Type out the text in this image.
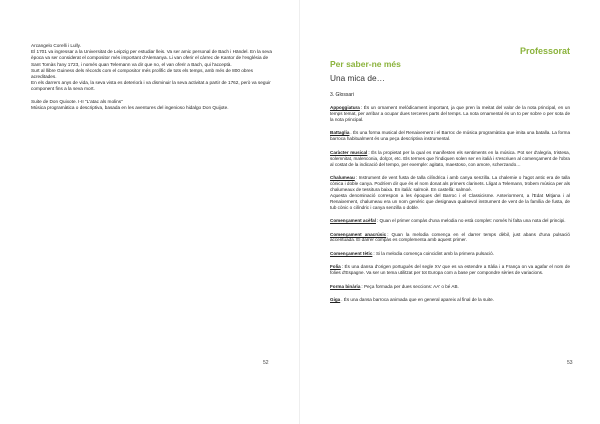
Arcangelo Corelli i Lully.

El 1701 va ingressar a la Universitat de Leipzig per estudiar lleis. Va ser amic personal de Bach i Händel. En la seva època va ser considerat el compositor més important d'Alemanya. Li van oferir el càrrec de Kantor de l'església de Sant Tomàs l'any 1723, i només quan Telemann va dir que no, el van oferir a Bach, qui l'acceptà.

Surt al llibre Guiness dels rècords com el compositor més prolífic de tots els temps, amb més de 800 obres acreditades.

En els darrers anys de vida, la seva vista es deteriorà i va disminuir la seva activitat a partir de 1762, però va seguir component fins a la seva mort.

Suite de Don Quixote. I-II "L'atac als molins"

Música programàtica o descriptiva, basada en les aventures del ingenioso hidalgo Don Quijote.

52
Professorat
Per saber-ne més
Una mica de…
3. Glossari

Appoggiatura: És un ornament melòdicament important, ja que pren la meitat del valor de la nota principal, en un temps temat, per arribar a ocupar dues terceres parts del temps. La nota ornamental és un to per sobre o per sota de la nota principal.

Battaglia. És una forma musical del Renaixement i el Barroc de música programàtica que imita una batalla. La forma barroca habitualment és una peça descriptiva instrumental.

Caràcter musical: És la propietat per la qual es manifesten els sentiments en la música. Pot ser d'alegria, tristesa, solemnitat, malenconia, dolçor, etc. Els termes que l'indiquen solen ser en italià i s'escriuen al començament de l'obra al costat de la indicació del tempo, per exemple: agitato, maestoso, con amore, scherzando…

Chalumeau: Instrument de vent fusta de talla cilíndrica i amb canya senzilla. La chalemie o l'agot antic era de talla cònica i doble canya. Podríem dir que és el nom donat als primers clarinets. Lligat a Telemann, trobem música per als chalumeaux de tessitura baixa. En italià: salmoè. En castellà: salmoé.
Aquesta denominació correspon a les èpoques del Barroc i el Classicisme. Anteriorment, a l'Edat Mitjana i al Renaixement, chalumeau era un nom genèric que designava qualsevol instrument de vent de la família de fusta, de tub cònic o cilíndric i canya senzilla o doble.

Començament acèfal: Quan el primer compàs d'una melodia no està complet: només hi falta una nota del principi.

Començament anacrúsic: Quan la melodia comença en el darrer temps dèbil, just abans d'una pulsació accentuada. El darrer compàs es complementa amb aquest primer.

Començament tètic: Si la melodia comença coincidint amb la primera pulsació.

Folia: És una dansa d'origen portuguès del segle XV que es va estendre a Itàlia i a França on va agafar el nom de folies d'Espagne. Va ser un tema utilitzat per tot Europa com a base per compondre sèries de variacions.

Forma binària: Peça formada per dues seccions: AA' o bé AB.

Giga. És una dansa barroca animada que en general apareix al final de la suite.

53
